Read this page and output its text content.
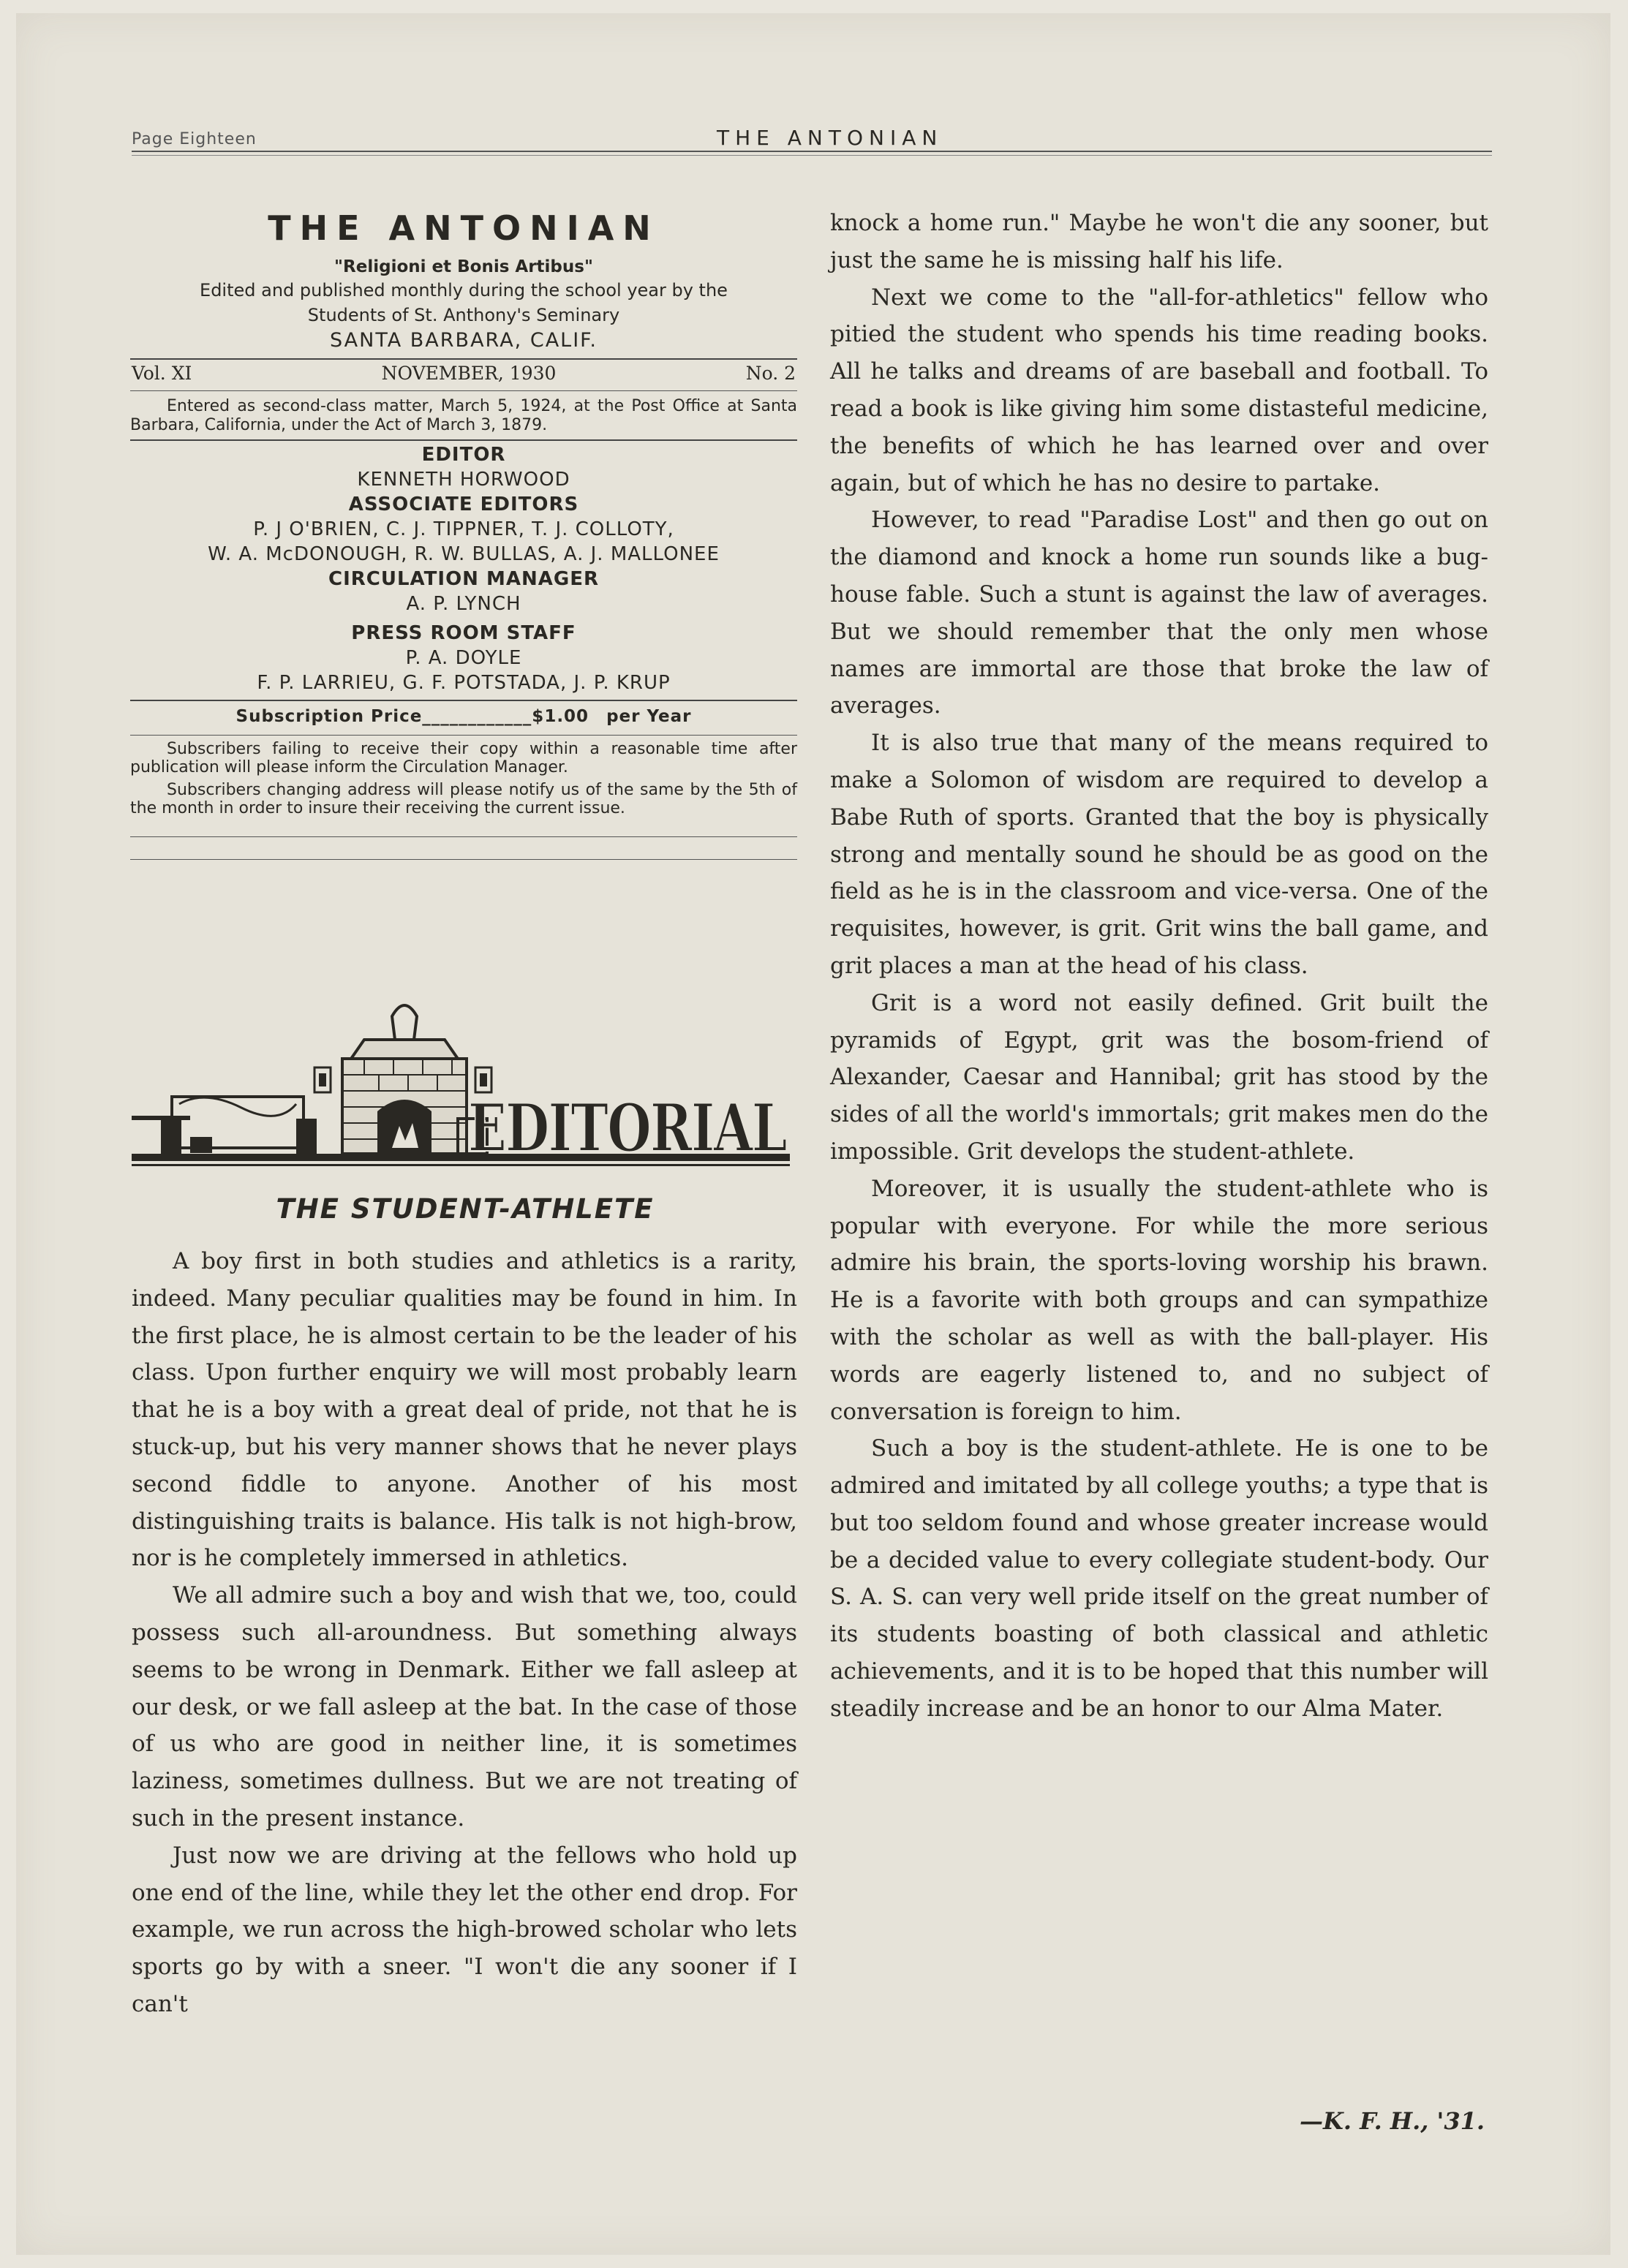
Page Eighteen	THE ANTONIAN
THE ANTONIAN
"Religioni et Bonis Artibus"
Edited and published monthly during the school year by the
Students of St. Anthony's Seminary
SANTA BARBARA, CALIF.
Vol. XI	NOVEMBER, 1930	No. 2
Entered as second-class matter, March 5, 1924, at the Post Office at Santa Barbara, California, under the Act of March 3, 1879.
EDITOR
KENNETH HORWOOD
ASSOCIATE EDITORS
P. J O'BRIEN, C. J. TIPPNER, T. J. COLLOTY,
W. A. McDONOUGH, R. W. BULLAS, A. J. MALLONEE
CIRCULATION MANAGER
A. P. LYNCH
PRESS ROOM STAFF
P. A. DOYLE
F. P. LARRIEU, G. F. POTSTADA, J. P. KRUP
Subscription Price____________$1.00 per Year
Subscribers failing to receive their copy within a reasonable time after publication will please inform the Circulation Manager.
Subscribers changing address will please notify us of the same by the 5th of the month in order to insure their receiving the current issue.
EDITORIAL
THE STUDENT-ATHLETE

A boy first in both studies and athletics is a rarity, indeed. Many peculiar qualities may be found in him. In the first place, he is almost certain to be the leader of his class. Upon further enquiry we will most probably learn that he is a boy with a great deal of pride, not that he is stuck-up, but his very manner shows that he never plays second fiddle to anyone. Another of his most distinguishing traits is balance. His talk is not high-brow, nor is he completely immersed in athletics.

We all admire such a boy and wish that we, too, could possess such all-aroundness. But something always seems to be wrong in Denmark. Either we fall asleep at our desk, or we fall asleep at the bat. In the case of those of us who are good in neither line, it is sometimes laziness, sometimes dullness. But we are not treating of such in the present instance.

Just now we are driving at the fellows who hold up one end of the line, while they let the other end drop. For example, we run across the high-browed scholar who lets sports go by with a sneer. "I won't die any sooner if I can't

knock a home run." Maybe he won't die any sooner, but just the same he is missing half his life.

Next we come to the "all-for-athletics" fellow who pitied the student who spends his time reading books. All he talks and dreams of are baseball and football. To read a book is like giving him some distasteful medicine, the benefits of which he has learned over and over again, but of which he has no desire to partake.

However, to read "Paradise Lost" and then go out on the diamond and knock a home run sounds like a bug-house fable. Such a stunt is against the law of averages. But we should remember that the only men whose names are immortal are those that broke the law of averages.

It is also true that many of the means required to make a Solomon of wisdom are required to develop a Babe Ruth of sports. Granted that the boy is physically strong and mentally sound he should be as good on the field as he is in the classroom and vice-versa. One of the requisites, however, is grit. Grit wins the ball game, and grit places a man at the head of his class.

Grit is a word not easily defined. Grit built the pyramids of Egypt, grit was the bosom-friend of Alexander, Caesar and Hannibal; grit has stood by the sides of all the world's immortals; grit makes men do the impossible. Grit develops the student-athlete.

Moreover, it is usually the student-athlete who is popular with everyone. For while the more serious admire his brain, the sports-loving worship his brawn. He is a favorite with both groups and can sympathize with the scholar as well as with the ball-player. His words are eagerly listened to, and no subject of conversation is foreign to him.

Such a boy is the student-athlete. He is one to be admired and imitated by all college youths; a type that is but too seldom found and whose greater increase would be a decided value to every collegiate student-body. Our S. A. S. can very well pride itself on the great number of its students boasting of both classical and athletic achievements, and it is to be hoped that this number will steadily increase and be an honor to our Alma Mater.

—K. F. H., '31.
